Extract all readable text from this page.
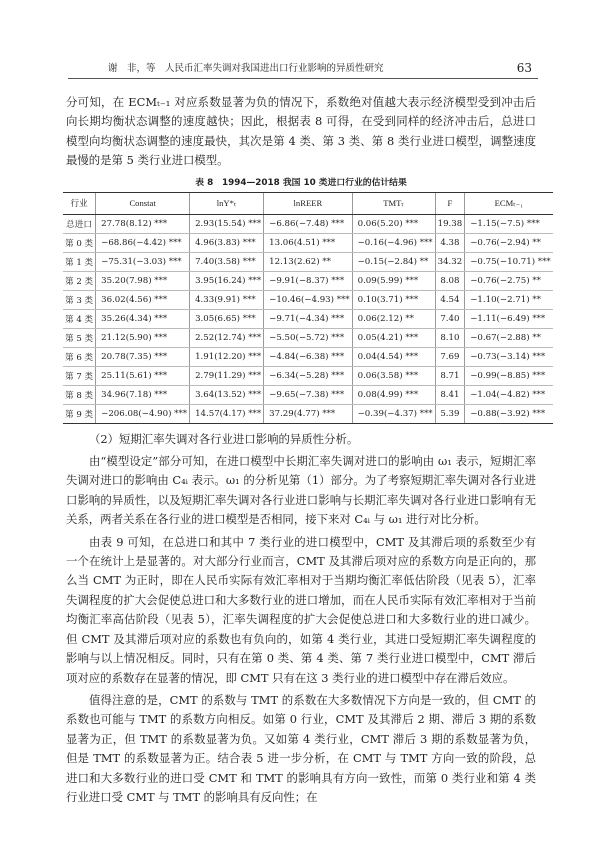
谢　非，等　人民币汇率失调对我国进出口行业影响的异质性研究	63

分可知，在 ECMₜ₋₁ 对应系数显著为负的情况下，系数绝对值越大表示经济模型受到冲击后向长期均衡状态调整的速度越快；因此，根据表 8 可得，在受到同样的经济冲击后，总进口模型向均衡状态调整的速度最快，其次是第 4 类、第 3 类、第 8 类行业进口模型，调整速度最慢的是第 5 类行业进口模型。

表 8　1994—2018 我国 10 类进口行业的估计结果
行业	Constat	lnY*ₜ	lnREER	TMTₜ	F	ECMₜ₋₁
总进口	27.78(8.12) ***	2.93(15.54) ***	−6.86(−7.48) ***	0.06(5.20) ***	19.38	−1.15(−7.5) ***
第 0 类	−68.86(−4.42) ***	4.96(3.83) ***	13.06(4.51) ***	−0.16(−4.96) ***	4.38	−0.76(−2.94) **
第 1 类	−75.31(−3.03) ***	7.40(3.58) ***	12.13(2.62) **	−0.15(−2.84) **	34.32	−0.75(−10.71) ***
第 2 类	35.20(7.98) ***	3.95(16.24) ***	−9.91(−8.37) ***	0.09(5.99) ***	8.08	−0.76(−2.75) **
第 3 类	36.02(4.56) ***	4.33(9.91) ***	−10.46(−4.93) ***	0.10(3.71) ***	4.54	−1.10(−2.71) **
第 4 类	35.26(4.34) ***	3.05(6.65) ***	−9.71(−4.34) ***	0.06(2.12) **	7.40	−1.11(−6.49) ***
第 5 类	21.12(5.90) ***	2.52(12.74) ***	−5.50(−5.72) ***	0.05(4.21) ***	8.10	−0.67(−2.88) **
第 6 类	20.78(7.35) ***	1.91(12.20) ***	−4.84(−6.38) ***	0.04(4.54) ***	7.69	−0.73(−3.14) ***
第 7 类	25.11(5.61) ***	2.79(11.29) ***	−6.34(−5.28) ***	0.06(3.58) ***	8.71	−0.99(−8.85) ***
第 8 类	34.96(7.18) ***	3.64(13.52) ***	−9.65(−7.38) ***	0.08(4.99) ***	8.41	−1.04(−4.82) ***
第 9 类	−206.08(−4.90) ***	14.57(4.17) ***	37.29(4.77) ***	−0.39(−4.37) ***	5.39	−0.88(−3.92) ***

（2）短期汇率失调对各行业进口影响的异质性分析。

由“模型设定”部分可知，在进口模型中长期汇率失调对进口的影响由 ω₁ 表示，短期汇率失调对进口的影响由 C₄ᵢ 表示。ω₁ 的分析见第（1）部分。为了考察短期汇率失调对各行业进口影响的异质性，以及短期汇率失调对各行业进口影响与长期汇率失调对各行业进口影响有无关系，两者关系在各行业的进口模型是否相同，接下来对 C₄ᵢ 与 ω₁ 进行对比分析。

由表 9 可知，在总进口和其中 7 类行业的进口模型中，CMT 及其滞后项的系数至少有一个在统计上是显著的。对大部分行业而言，CMT 及其滞后项对应的系数方向是正向的，那么当 CMT 为正时，即在人民币实际有效汇率相对于当期均衡汇率低估阶段（见表 5），汇率失调程度的扩大会促使总进口和大多数行业的进口增加，而在人民币实际有效汇率相对于当前均衡汇率高估阶段（见表 5），汇率失调程度的扩大会促使总进口和大多数行业的进口减少。但 CMT 及其滞后项对应的系数也有负向的，如第 4 类行业，其进口受短期汇率失调程度的影响与以上情况相反。同时，只有在第 0 类、第 4 类、第 7 类行业进口模型中，CMT 滞后项对应的系数存在显著的情况，即 CMT 只有在这 3 类行业的进口模型中存在滞后效应。

值得注意的是，CMT 的系数与 TMT 的系数在大多数情况下方向是一致的，但 CMT 的系数也可能与 TMT 的系数方向相反。如第 0 行业，CMT 及其滞后 2 期、滞后 3 期的系数显著为正，但 TMT 的系数显著为负。又如第 4 类行业，CMT 滞后 3 期的系数显著为负，但是 TMT 的系数显著为正。结合表 5 进一步分析，在 CMT 与 TMT 方向一致的阶段，总进口和大多数行业的进口受 CMT 和 TMT 的影响具有方向一致性，而第 0 类行业和第 4 类行业进口受 CMT 与 TMT 的影响具有反向性；在
